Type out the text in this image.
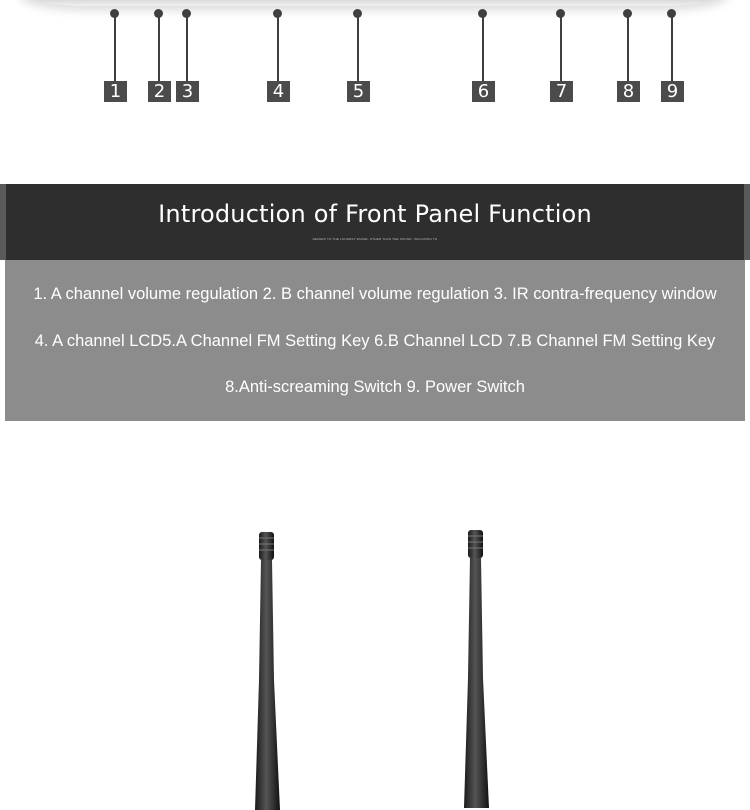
1	2 3	4	5	6	7	8	9
Introduction of Front Panel Function
REFERS TO THE LOUDEST WHINE, OTHER THAN THE SOUND, INCLUDING TH
1. A channel volume regulation 2. B channel volume regulation 3. IR contra-frequency window
4. A channel LCD5.A Channel FM Setting Key 6.B Channel LCD 7.B Channel FM Setting Key
8.Anti-screaming Switch 9. Power Switch
